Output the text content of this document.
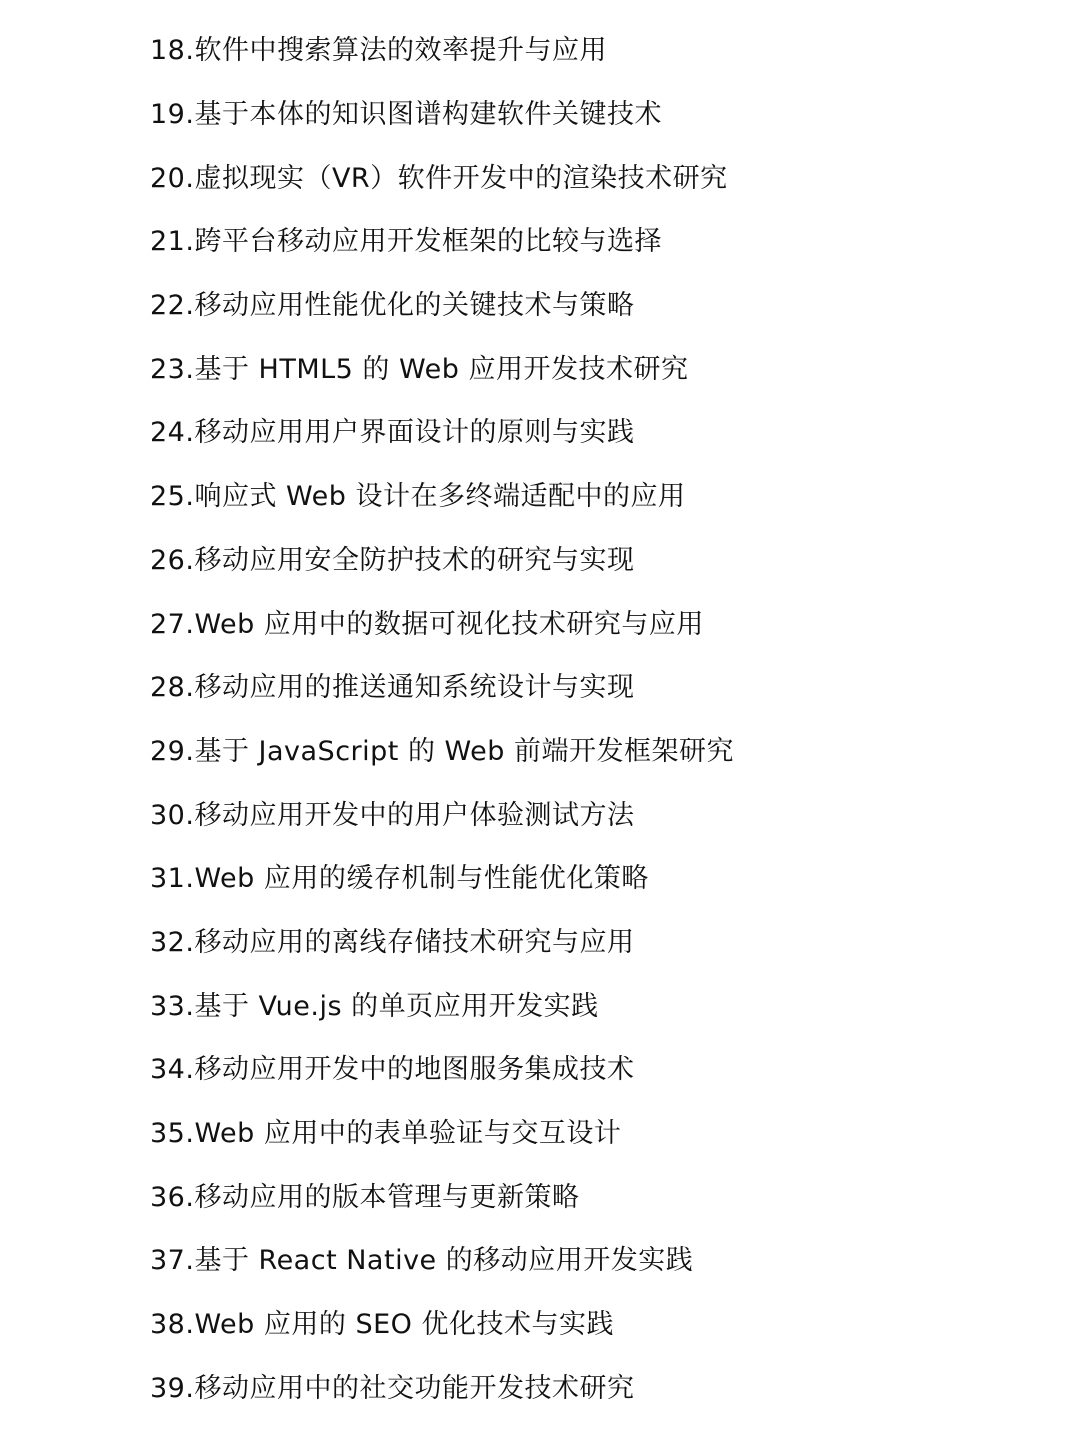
18.软件中搜索算法的效率提升与应用
19.基于本体的知识图谱构建软件关键技术
20.虚拟现实（VR）软件开发中的渲染技术研究
21.跨平台移动应用开发框架的比较与选择
22.移动应用性能优化的关键技术与策略
23.基于 HTML5 的 Web 应用开发技术研究
24.移动应用用户界面设计的原则与实践
25.响应式 Web 设计在多终端适配中的应用
26.移动应用安全防护技术的研究与实现
27.Web 应用中的数据可视化技术研究与应用
28.移动应用的推送通知系统设计与实现
29.基于 JavaScript 的 Web 前端开发框架研究
30.移动应用开发中的用户体验测试方法
31.Web 应用的缓存机制与性能优化策略
32.移动应用的离线存储技术研究与应用
33.基于 Vue.js 的单页应用开发实践
34.移动应用开发中的地图服务集成技术
35.Web 应用中的表单验证与交互设计
36.移动应用的版本管理与更新策略
37.基于 React Native 的移动应用开发实践
38.Web 应用的 SEO 优化技术与实践
39.移动应用中的社交功能开发技术研究
